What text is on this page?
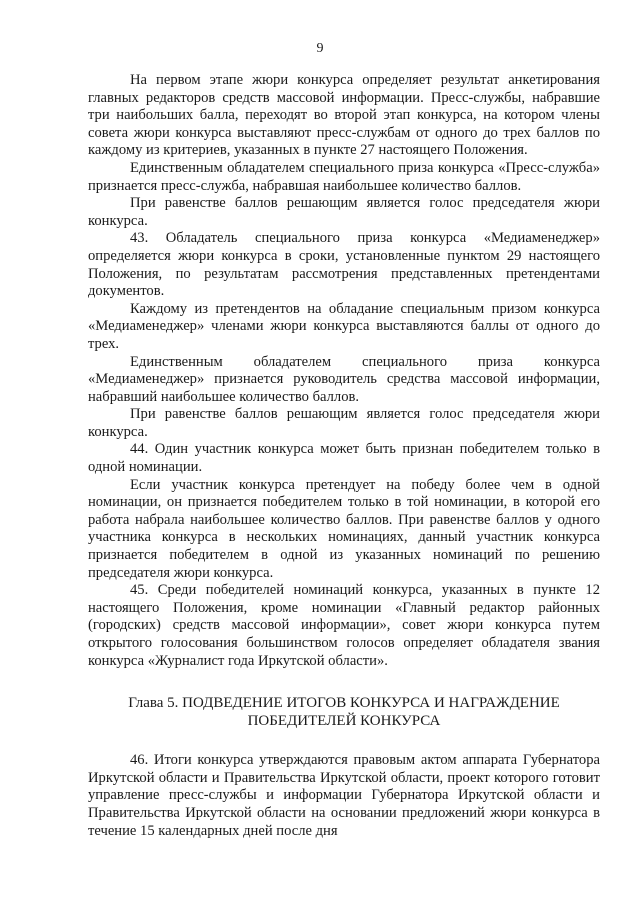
9

На первом этапе жюри конкурса определяет результат анкетирования главных редакторов средств массовой информации. Пресс-службы, набравшие три наибольших балла, переходят во второй этап конкурса, на котором члены совета жюри конкурса выставляют пресс-службам от одного до трех баллов по каждому из критериев, указанных в пункте 27 настоящего Положения.

Единственным обладателем специального приза конкурса «Пресс-служба» признается пресс-служба, набравшая наибольшее количество баллов.

При равенстве баллов решающим является голос председателя жюри конкурса.

43. Обладатель специального приза конкурса «Медиаменеджер» определяется жюри конкурса в сроки, установленные пунктом 29 настоящего Положения, по результатам рассмотрения представленных претендентами документов.

Каждому из претендентов на обладание специальным призом конкурса «Медиаменеджер» членами жюри конкурса выставляются баллы от одного до трех.

Единственным обладателем специального приза конкурса «Медиаменеджер» признается руководитель средства массовой информации, набравший наибольшее количество баллов.

При равенстве баллов решающим является голос председателя жюри конкурса.

44. Один участник конкурса может быть признан победителем только в одной номинации.

Если участник конкурса претендует на победу более чем в одной номинации, он признается победителем только в той номинации, в которой его работа набрала наибольшее количество баллов. При равенстве баллов у одного участника конкурса в нескольких номинациях, данный участник конкурса признается победителем в одной из указанных номинаций по решению председателя жюри конкурса.

45. Среди победителей номинаций конкурса, указанных в пункте 12 настоящего Положения, кроме номинации «Главный редактор районных (городских) средств массовой информации», совет жюри конкурса путем открытого голосования большинством голосов определяет обладателя звания конкурса «Журналист года Иркутской области».

Глава 5. ПОДВЕДЕНИЕ ИТОГОВ КОНКУРСА И НАГРАЖДЕНИЕ
ПОБЕДИТЕЛЕЙ КОНКУРСА

46. Итоги конкурса утверждаются правовым актом аппарата Губернатора Иркутской области и Правительства Иркутской области, проект которого готовит управление пресс-службы и информации Губернатора Иркутской области и Правительства Иркутской области на основании предложений жюри конкурса в течение 15 календарных дней после дня
